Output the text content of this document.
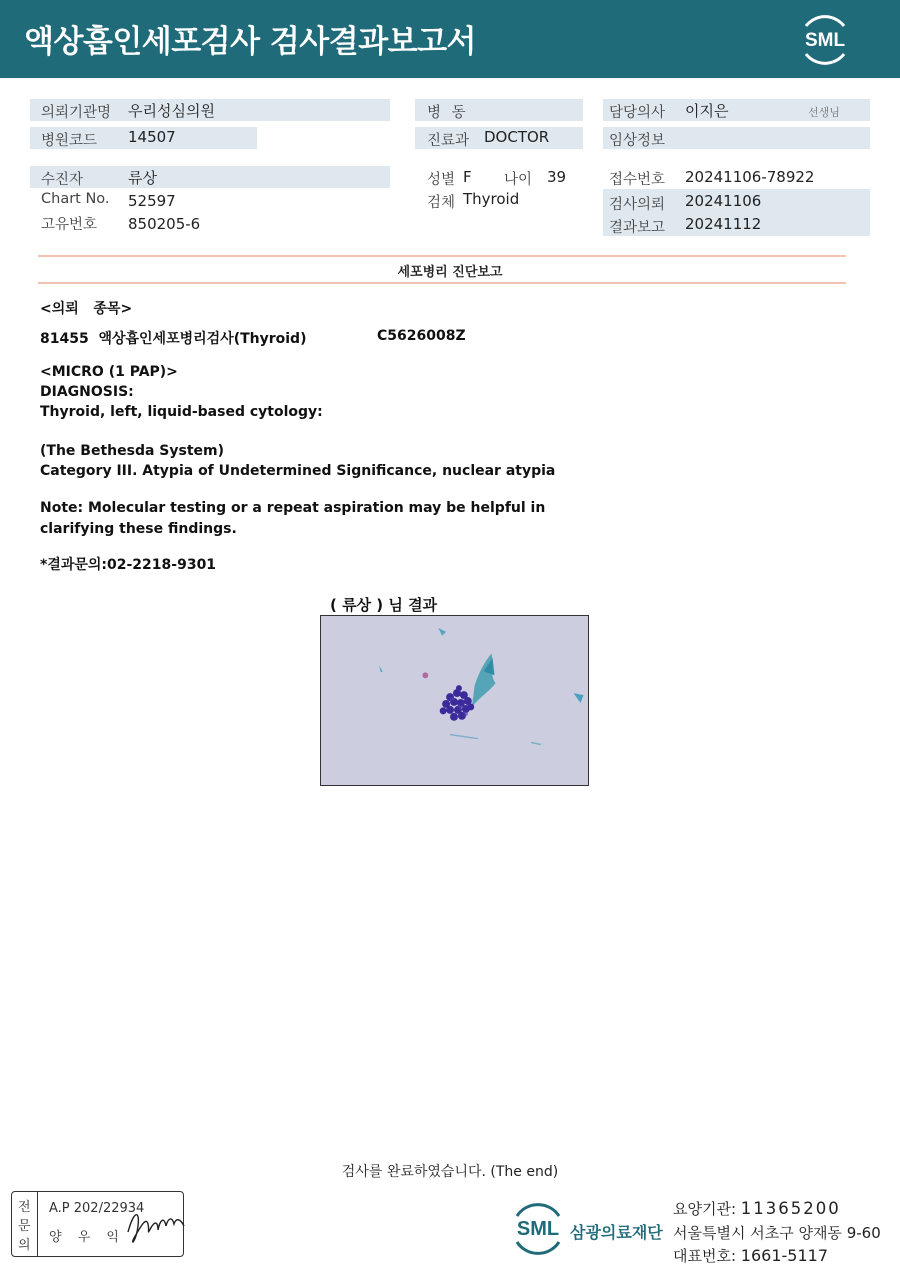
액상흡인세포검사 검사결과보고서	SML
의뢰기관명 우리성심의원
병원코드 14507
수진자	류상
Chart No. 52597
고유번호 850205-6
병 동
진료과 DOCTOR
성별 F 나이 39
검체 Thyroid
담당의사 이지은	선생님
임상정보
접수번호 20241106-78922
검사의뢰 20241106
결과보고 20241112
세포병리 진단보고
<의뢰   종목>
81455  액상흡인세포병리검사(Thyroid)	C5626008Z
<MICRO (1 PAP)>
DIAGNOSIS:
Thyroid, left, liquid-based cytology:
(The Bethesda System)
Category III. Atypia of Undetermined Significance, nuclear atypia
Note: Molecular testing or a repeat aspiration may be helpful in
clarifying these findings.
*결과문의:02-2218-9301
( 류상 ) 님 결과
검사를 완료하였습니다. (The end)
전
문
의
A.P 202/22934
양 우 익	SML 삼광의료재단
요양기관: 11365200
서울특별시 서초구 양재동 9-60
대표번호: 1661-5117
